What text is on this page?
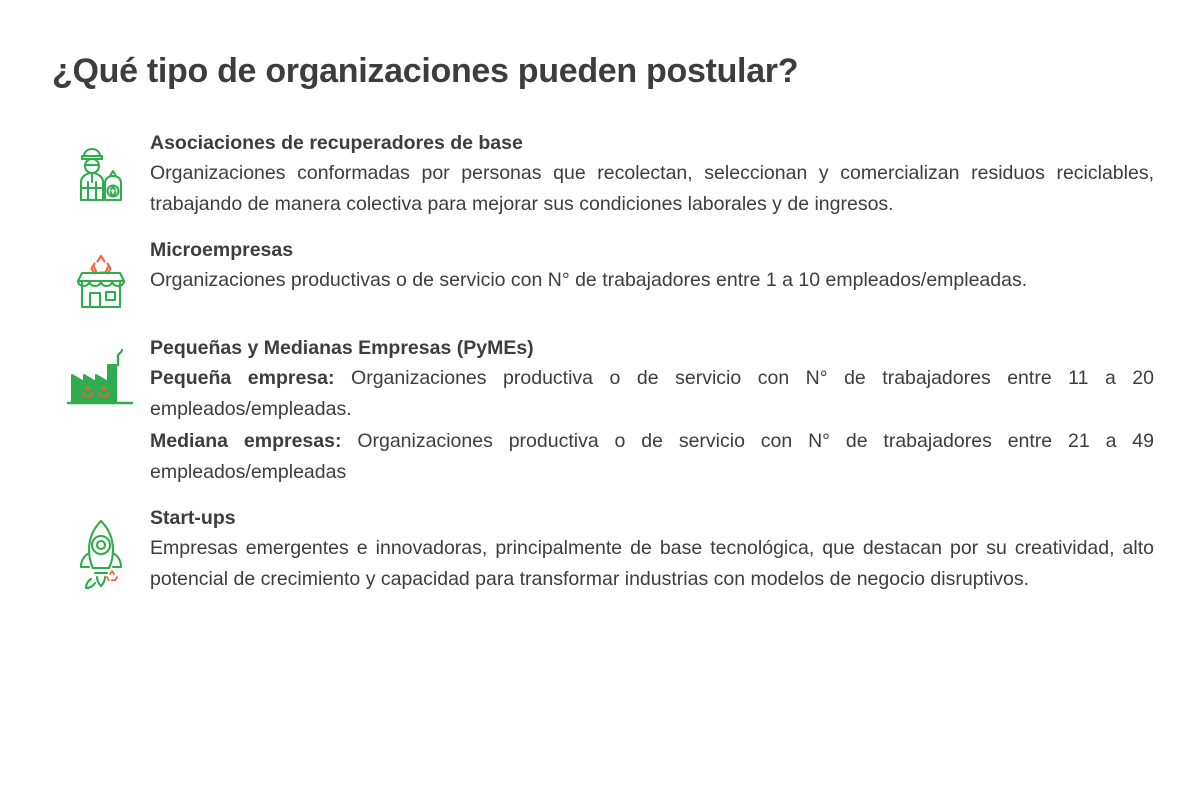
¿Qué tipo de organizaciones pueden postular?
Asociaciones de recuperadores de base
Organizaciones conformadas por personas que recolectan, seleccionan y comercializan residuos reciclables, trabajando de manera colectiva para mejorar sus condiciones laborales y de ingresos.
Microempresas
Organizaciones productivas o de servicio con N° de trabajadores entre 1 a 10 empleados/empleadas.
Pequeñas y Medianas Empresas (PyMEs)

Pequeña empresa: Organizaciones productiva o de servicio con N° de trabajadores entre 11 a 20 empleados/empleadas.

Mediana empresas: Organizaciones productiva o de servicio con N° de trabajadores entre 21 a 49 empleados/empleadas

Start-ups
Empresas emergentes e innovadoras, principalmente de base tecnológica, que destacan por su creatividad, alto potencial de crecimiento y capacidad para transformar industrias con modelos de negocio disruptivos.
